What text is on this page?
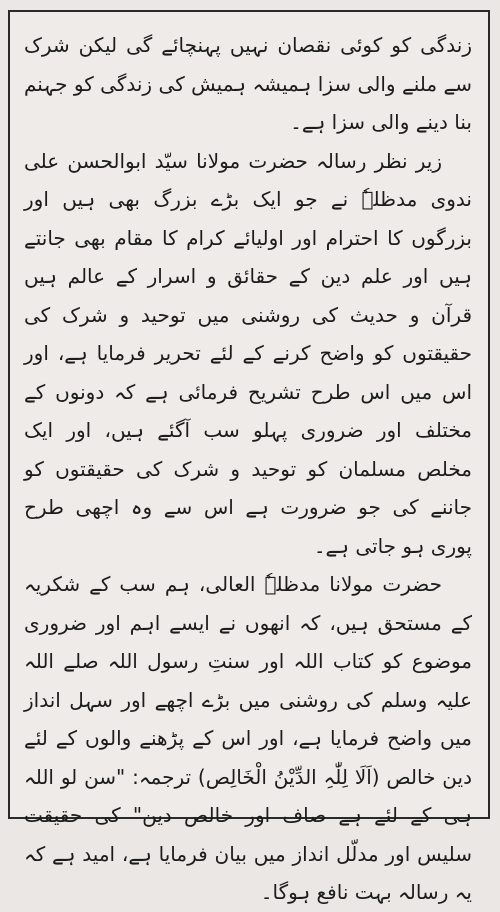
زندگی کو کوئی نقصان نہیں پہنچائے گی لیکن شرک سے ملنے والی سزا ہمیشہ ہمیش کی زندگی کو جہنم بنا دینے والی سزا ہے۔

زیر نظر رسالہ حضرت مولانا سیّد ابوالحسن علی ندوی مدظلہٗ نے جو ایک بڑے بزرگ بھی ہیں اور بزرگوں کا احترام اور اولیائے کرام کا مقام بھی جانتے ہیں اور علم دین کے حقائق و اسرار کے عالم ہیں قرآن و حدیث کی روشنی میں توحید و شرک کی حقیقتوں کو واضح کرنے کے لئے تحریر فرمایا ہے، اور اس میں اس طرح تشریح فرمائی ہے کہ دونوں کے مختلف اور ضروری پہلو سب آگئے ہیں، اور ایک مخلص مسلمان کو توحید و شرک کی حقیقتوں کو جاننے کی جو ضرورت ہے اس سے وہ اچھی طرح پوری ہو جاتی ہے۔

حضرت مولانا مدظلہٗ العالی، ہم سب کے شکریہ کے مستحق ہیں، کہ انھوں نے ایسے اہم اور ضروری موضوع کو کتاب اللہ اور سنتِ رسول اللہ صلے اللہ علیہ وسلم کی روشنی میں بڑے اچھے اور سہل انداز میں واضح فرمایا ہے، اور اس کے پڑھنے والوں کے لئے دین خالص (اَلَا لِلّٰہِ الدِّیْنُ الْخَالِص) ترجمہ: "سن لو اللہ ہی کے لئے ہے صاف اور خالص دین" کی حقیقت سلیس اور مدلّل انداز میں بیان فرمایا ہے، امید ہے کہ یہ رسالہ بہت نافع ہوگا۔
